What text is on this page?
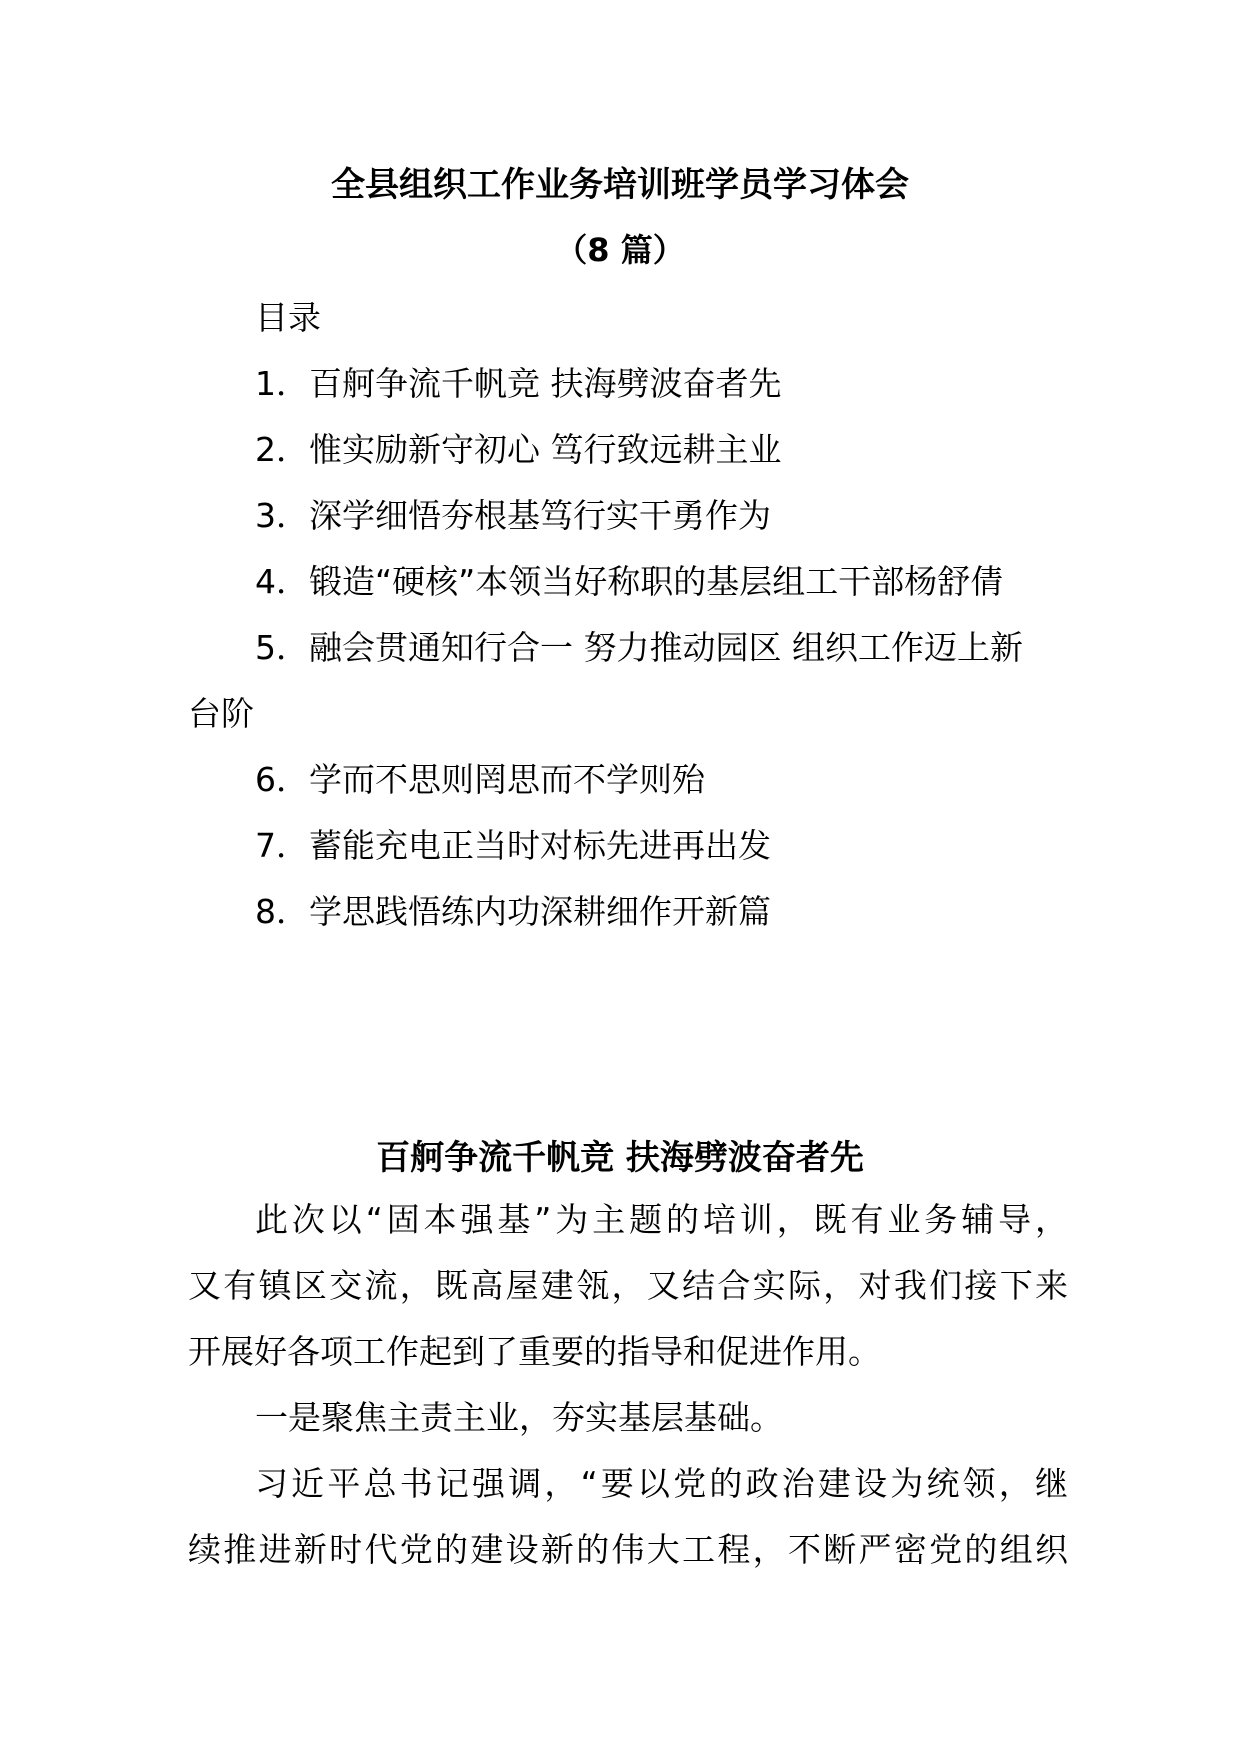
全县组织工作业务培训班学员学习体会
（8 篇）
目录
1．百舸争流千帆竞 扶海劈波奋者先
2．惟实励新守初心 笃行致远耕主业
3．深学细悟夯根基笃行实干勇作为
4．锻造“硬核”本领当好称职的基层组工干部杨舒倩
5．融会贯通知行合一 努力推动园区 组织工作迈上新
台阶
6．学而不思则罔思而不学则殆
7．蓄能充电正当时对标先进再出发
8．学思践悟练内功深耕细作开新篇
百舸争流千帆竞 扶海劈波奋者先
此次以“固本强基”为主题的培训，既有业务辅导，
又有镇区交流，既高屋建瓴，又结合实际，对我们接下来
开展好各项工作起到了重要的指导和促进作用。
一是聚焦主责主业，夯实基层基础。
习近平总书记强调，“要以党的政治建设为统领，继
续推进新时代党的建设新的伟大工程，不断严密党的组织
